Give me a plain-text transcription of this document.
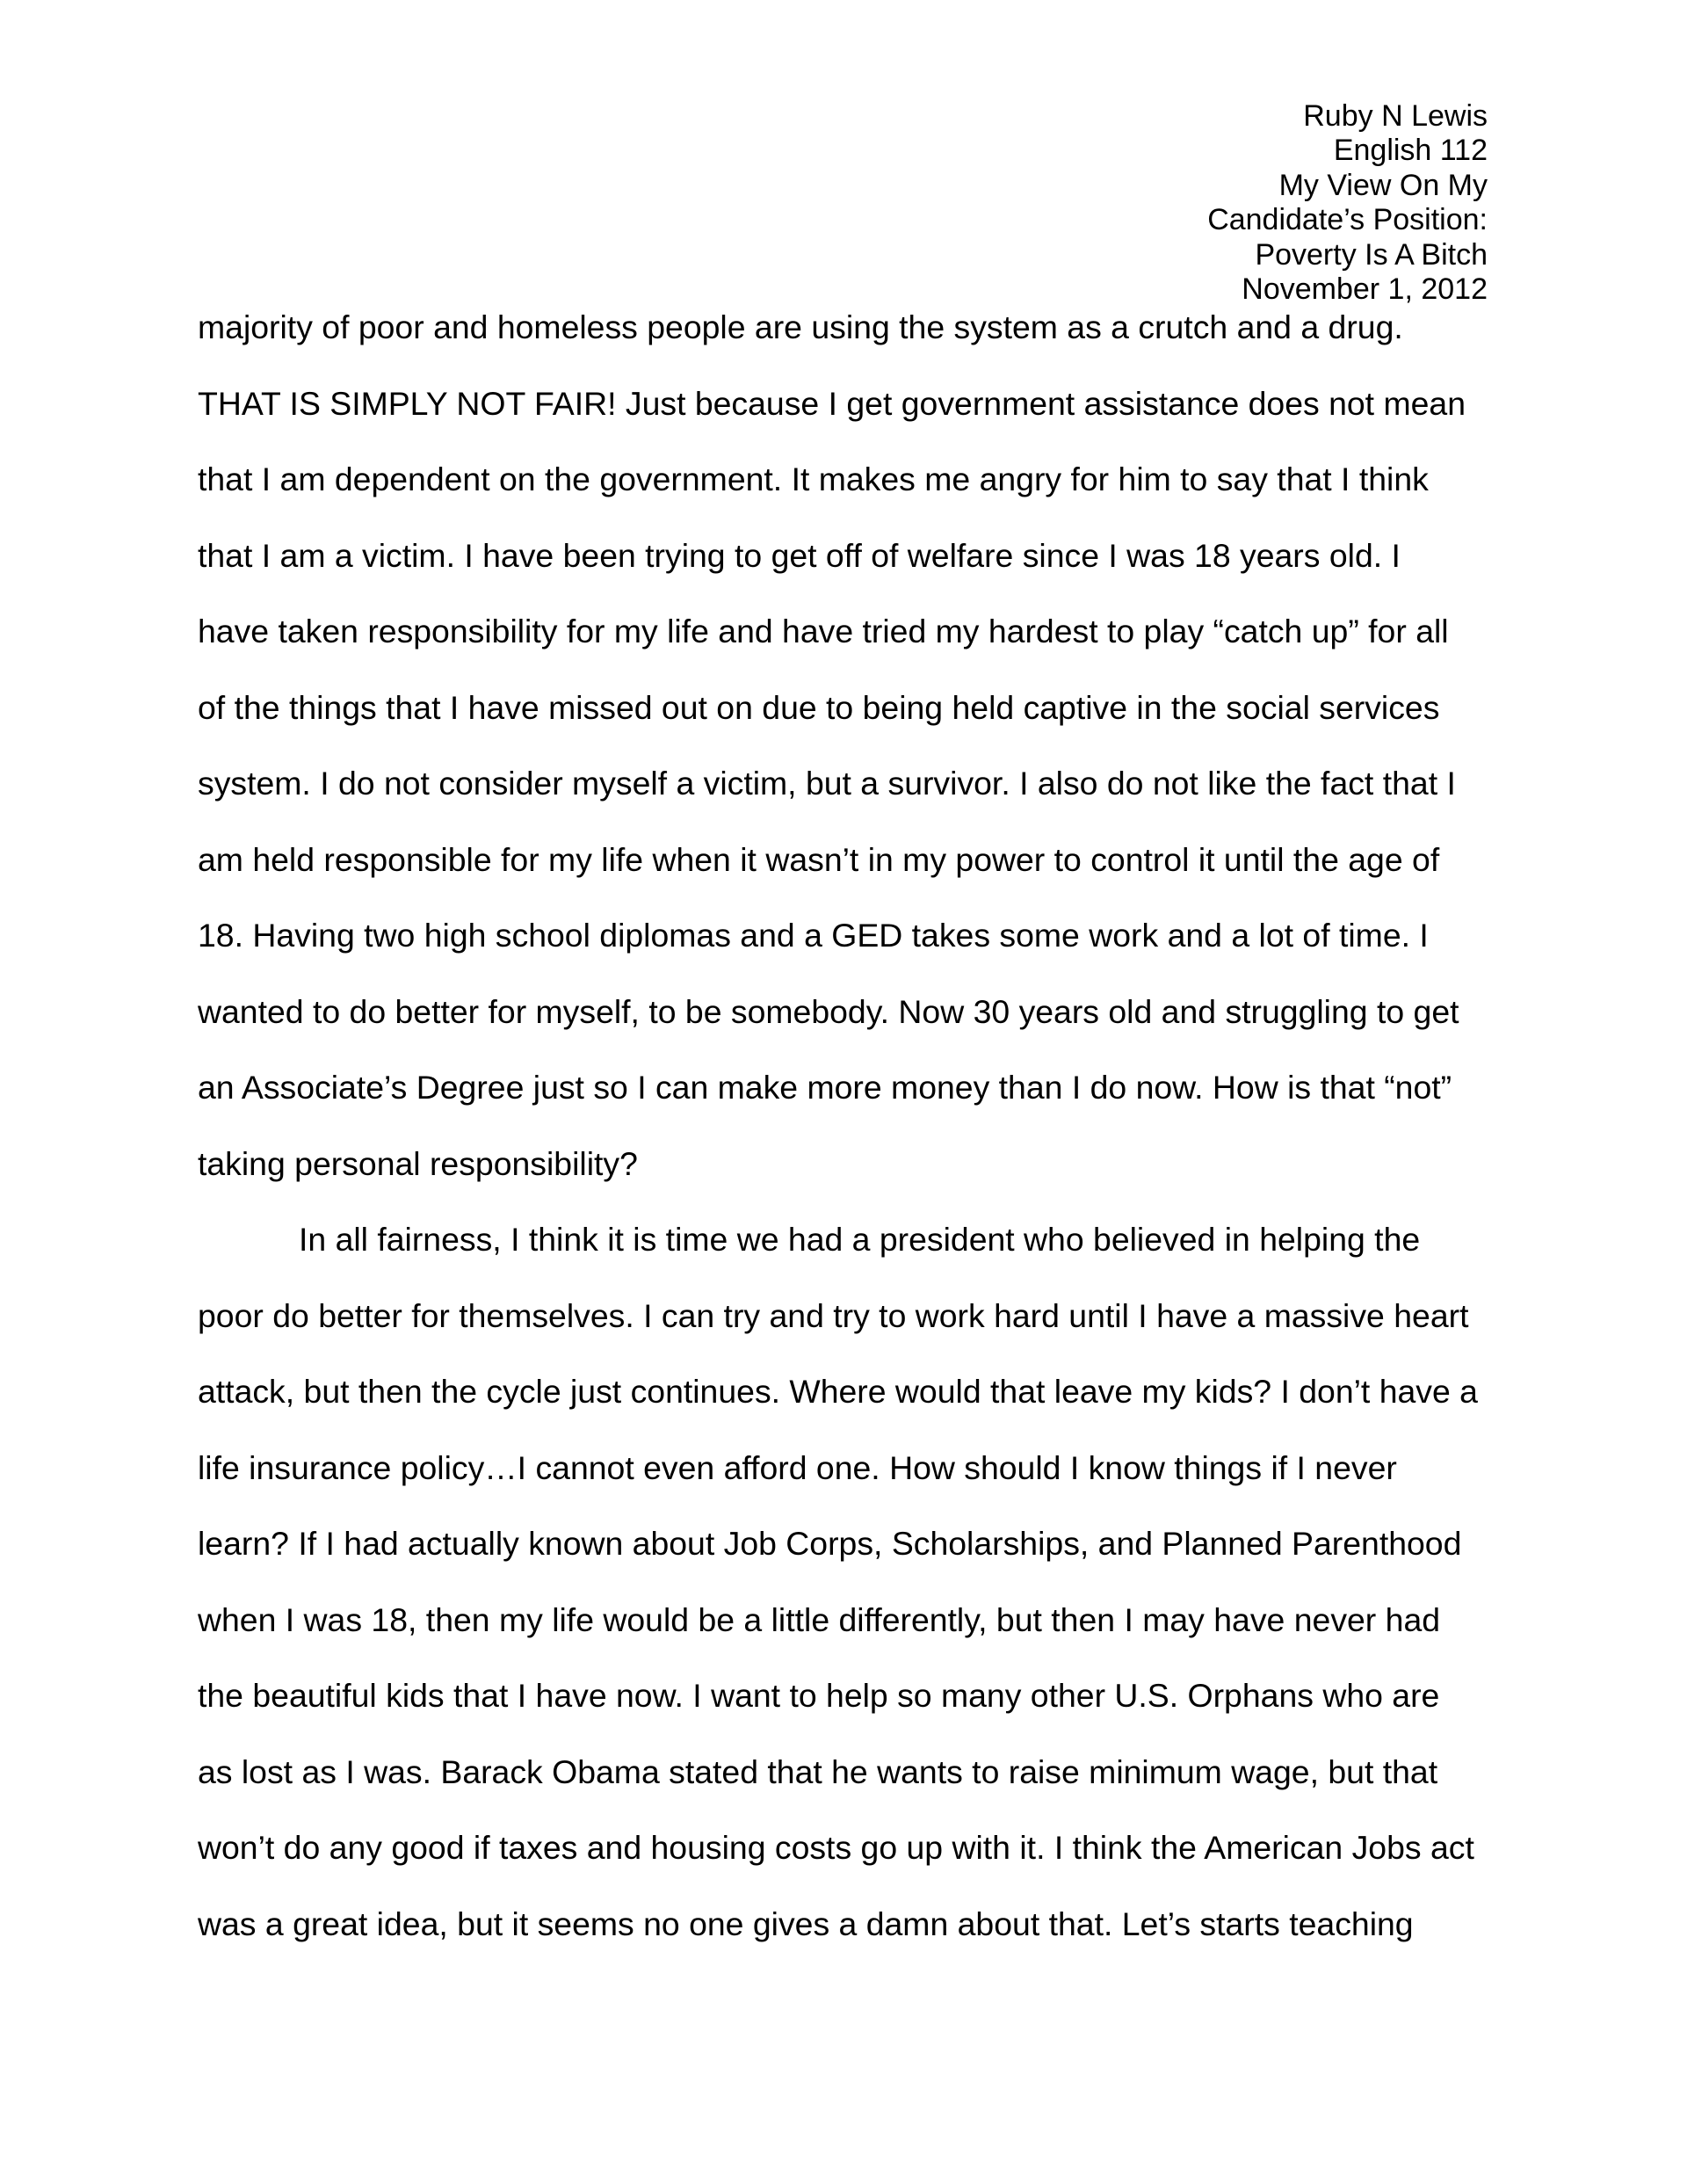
Ruby N Lewis
English 112
My View On My
Candidate’s Position:
Poverty Is A Bitch
November 1, 2012
majority of poor and homeless people are using the system as a crutch and a drug.
THAT IS SIMPLY NOT FAIR! Just because I get government assistance does not mean
that I am dependent on the government. It makes me angry for him to say that I think
that I am a victim. I have been trying to get off of welfare since I was 18 years old. I
have taken responsibility for my life and have tried my hardest to play “catch up” for all
of the things that I have missed out on due to being held captive in the social services
system. I do not consider myself a victim, but a survivor. I also do not like the fact that I
am held responsible for my life when it wasn’t in my power to control it until the age of
18. Having two high school diplomas and a GED takes some work and a lot of time. I
wanted to do better for myself, to be somebody. Now 30 years old and struggling to get
an Associate’s Degree just so I can make more money than I do now. How is that “not”
taking personal responsibility?
In all fairness, I think it is time we had a president who believed in helping the
poor do better for themselves. I can try and try to work hard until I have a massive heart
attack, but then the cycle just continues. Where would that leave my kids? I don’t have a
life insurance policy…I cannot even afford one. How should I know things if I never
learn? If I had actually known about Job Corps, Scholarships, and Planned Parenthood
when I was 18, then my life would be a little differently, but then I may have never had
the beautiful kids that I have now. I want to help so many other U.S. Orphans who are
as lost as I was. Barack Obama stated that he wants to raise minimum wage, but that
won’t do any good if taxes and housing costs go up with it. I think the American Jobs act
was a great idea, but it seems no one gives a damn about that. Let’s starts teaching
